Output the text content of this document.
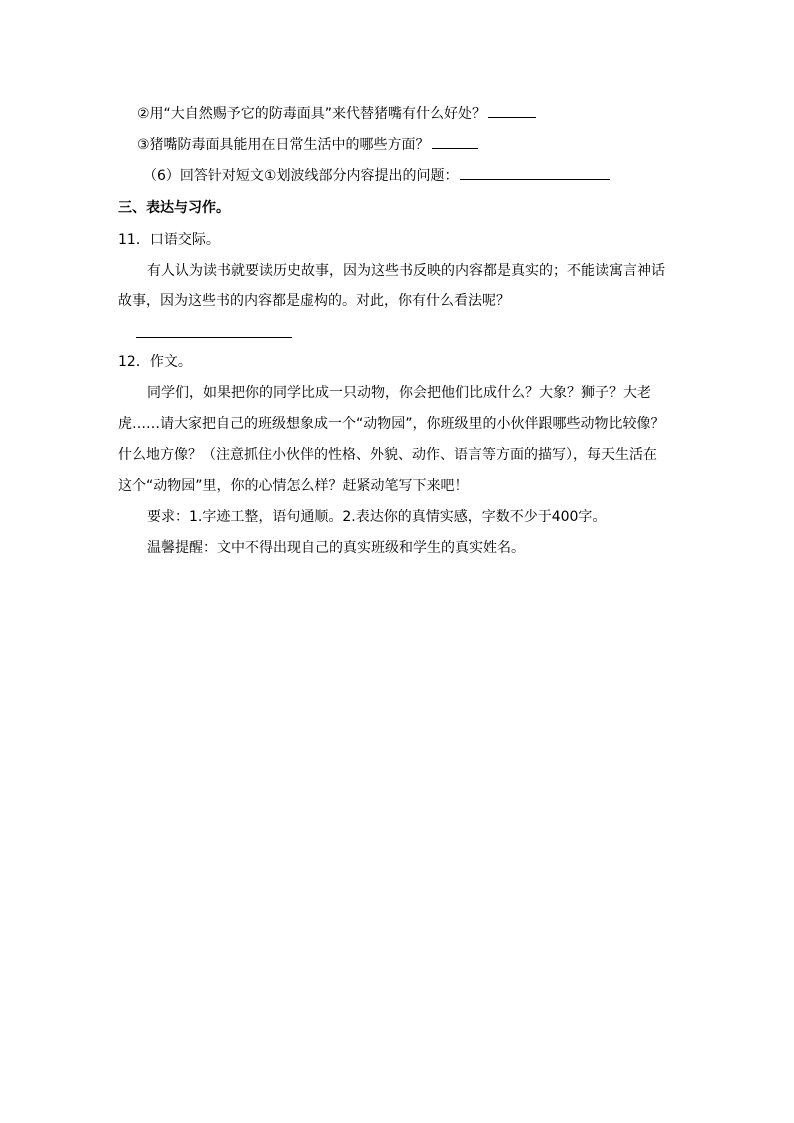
②用“大自然赐予它的防毒面具”来代替猪嘴有什么好处？
③猪嘴防毒面具能用在日常生活中的哪些方面？
（6）回答针对短文①划波线部分内容提出的问题：
三、表达与习作。
11．口语交际。
有人认为读书就要读历史故事，因为这些书反映的内容都是真实的；不能读寓言神话
故事，因为这些书的内容都是虚构的。对此，你有什么看法呢？
12．作文。
同学们，如果把你的同学比成一只动物，你会把他们比成什么？大象？狮子？大老
虎……请大家把自己的班级想象成一个“动物园”，你班级里的小伙伴跟哪些动物比较像？
什么地方像？（注意抓住小伙伴的性格、外貌、动作、语言等方面的描写），每天生活在
这个“动物园”里，你的心情怎么样？赶紧动笔写下来吧！
要求：1.字迹工整，语句通顺。2.表达你的真情实感，字数不少于400字。
温馨提醒：文中不得出现自己的真实班级和学生的真实姓名。
